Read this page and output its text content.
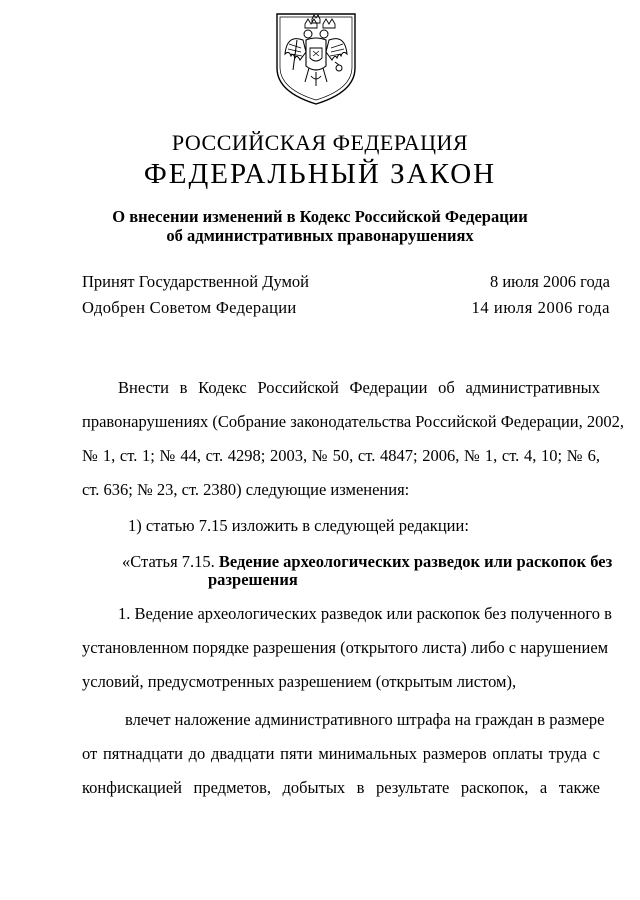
РОССИЙСКАЯ ФЕДЕРАЦИЯ
ФЕДЕРАЛЬНЫЙ ЗАКОН
О внесении изменений в Кодекс Российской Федерации
об административных правонарушениях
Принят Государственной Думой	8 июля 2006 года
Одобрен Советом Федерации	14 июля 2006 года
Внести в Кодекс Российской Федерации об административных
правонарушениях (Собрание законодательства Российской Федерации, 2002,
№ 1, ст. 1; № 44, ст. 4298; 2003, № 50, ст. 4847; 2006, № 1, ст. 4, 10; № 6,
ст. 636; № 23, ст. 2380) следующие изменения:
1) статью 7.15 изложить в следующей редакции:
«Статья 7.15. Ведение археологических разведок или раскопок без
разрешения
1. Ведение археологических разведок или раскопок без полученного в
установленном порядке разрешения (открытого листа) либо с нарушением
условий, предусмотренных разрешением (открытым листом),
влечет наложение административного штрафа на граждан в размере
от пятнадцати до двадцати пяти минимальных размеров оплаты труда с
конфискацией предметов, добытых в результате раскопок, а также
